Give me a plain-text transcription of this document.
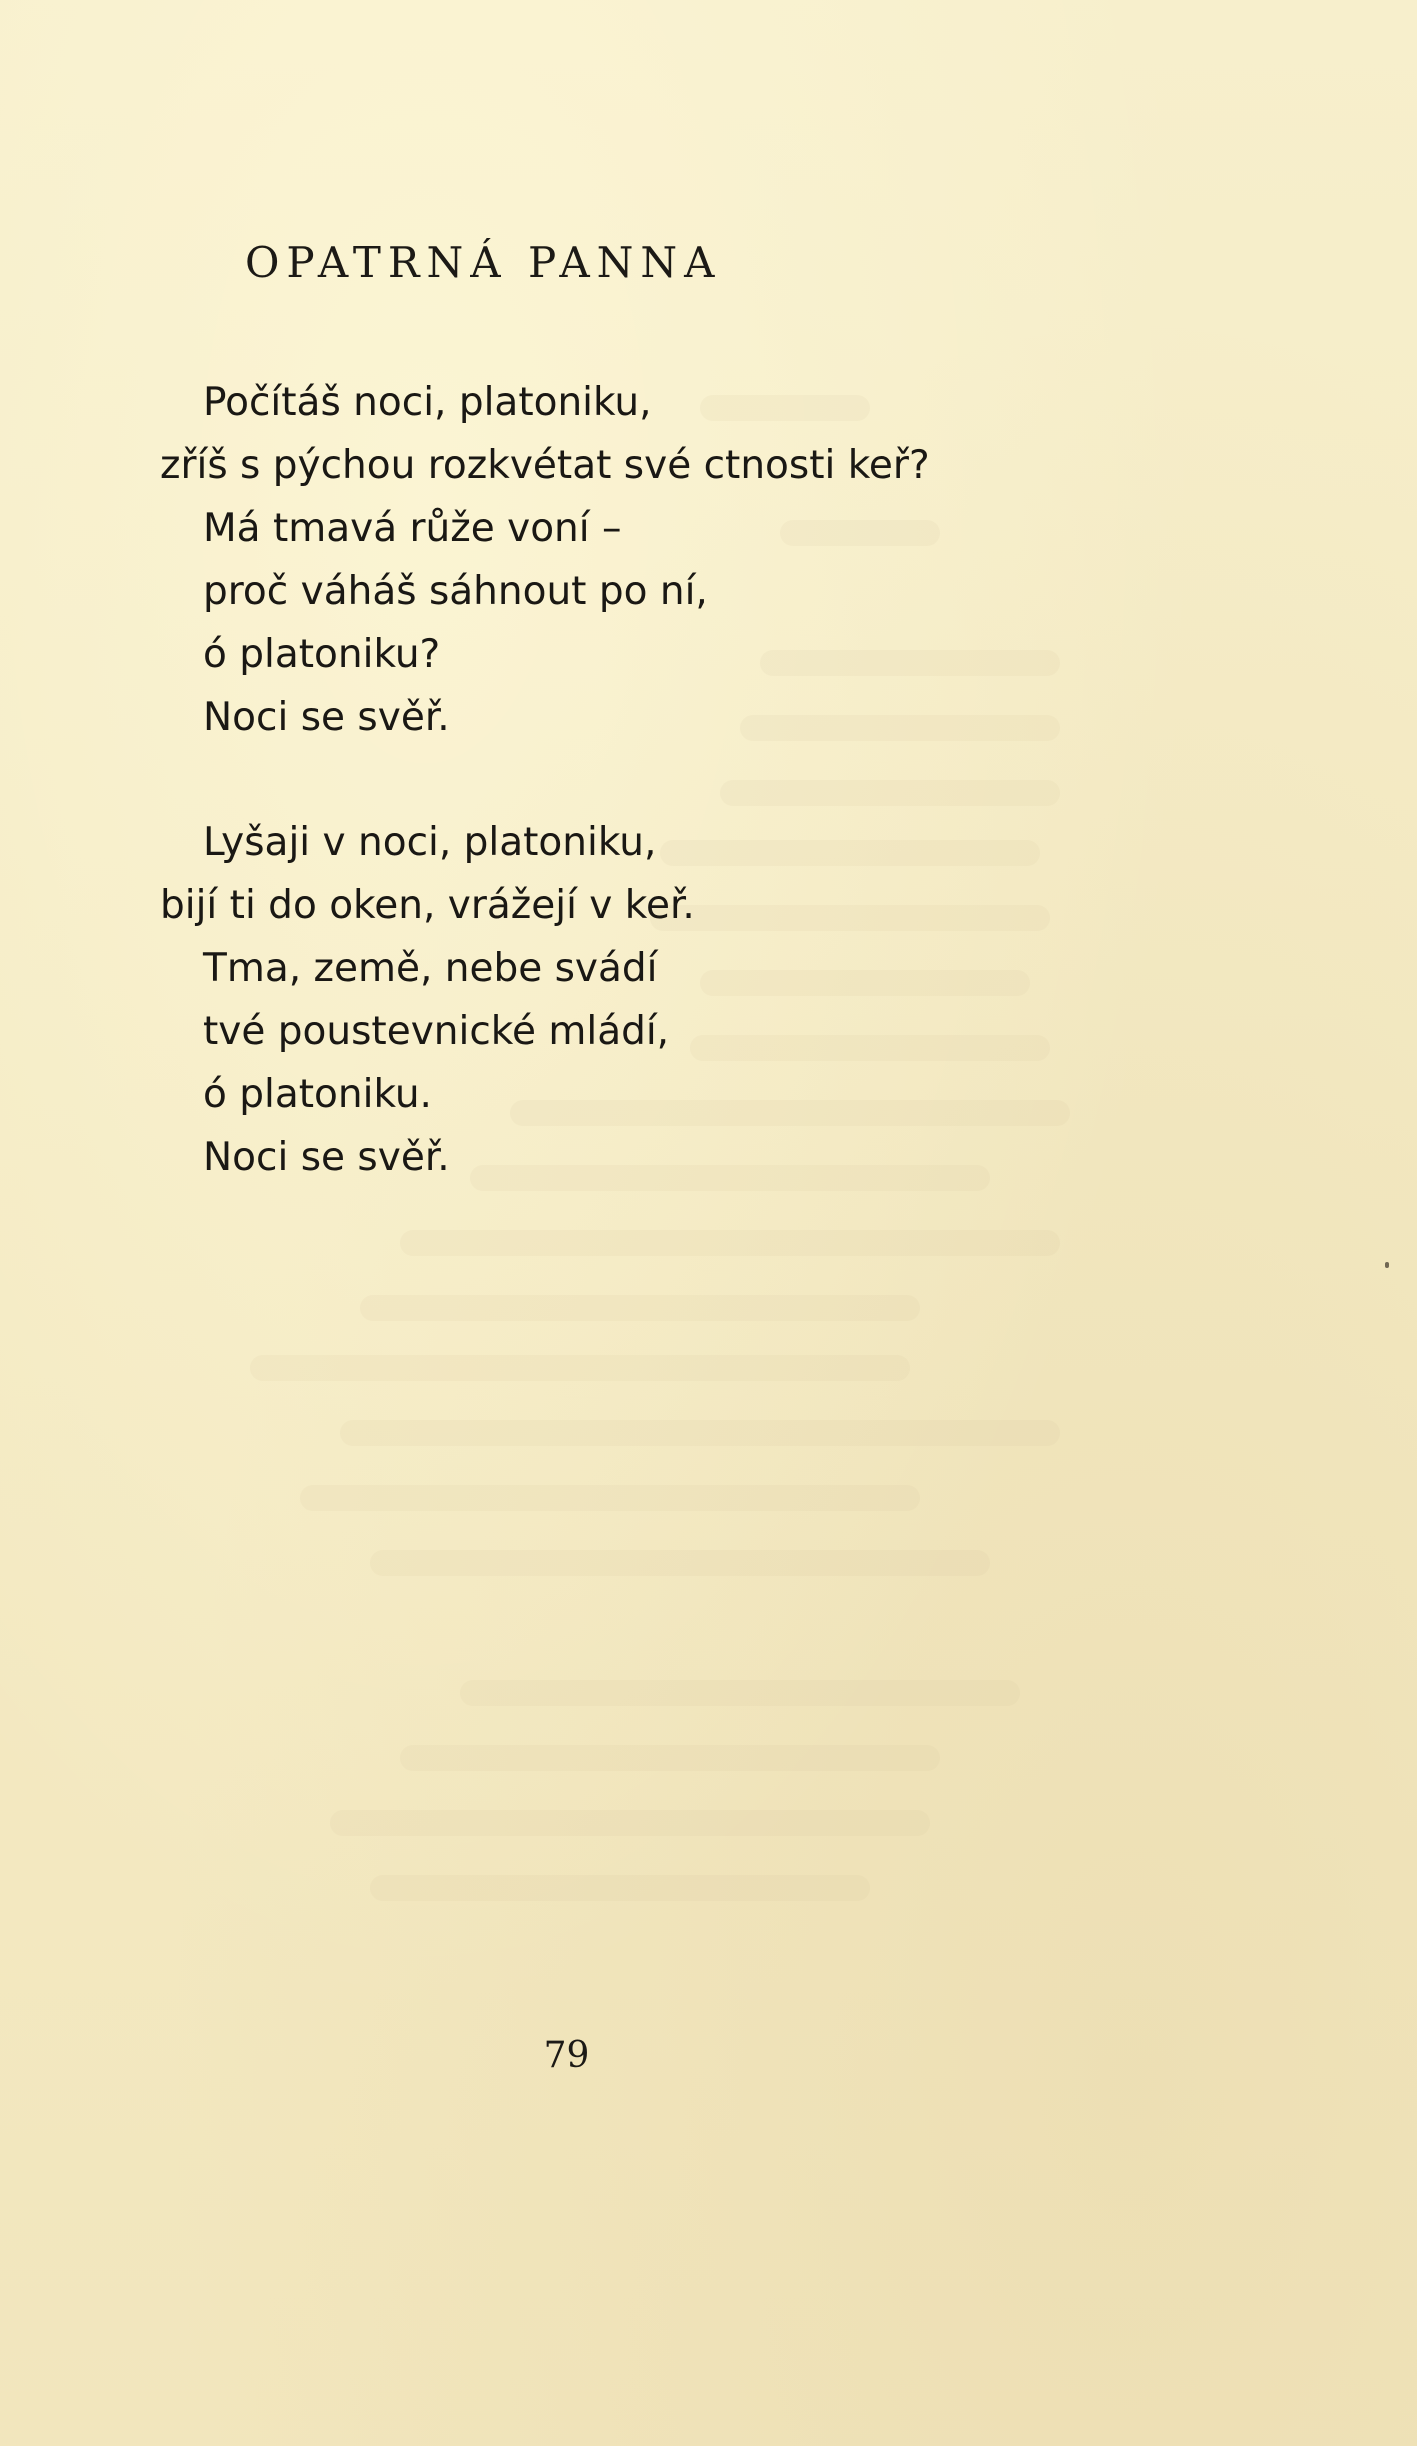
OPATRNÁ PANNA
Počítáš noci, platoniku,
zříš s pýchou rozkvétat své ctnosti keř?
Má tmavá růže voní –
proč váháš sáhnout po ní,
ó platoniku?
Noci se svěř.
Lyšaji v noci, platoniku,
bijí ti do oken, vrážejí v keř.
Tma, země, nebe svádí
tvé poustevnické mládí,
ó platoniku.
Noci se svěř.
79
